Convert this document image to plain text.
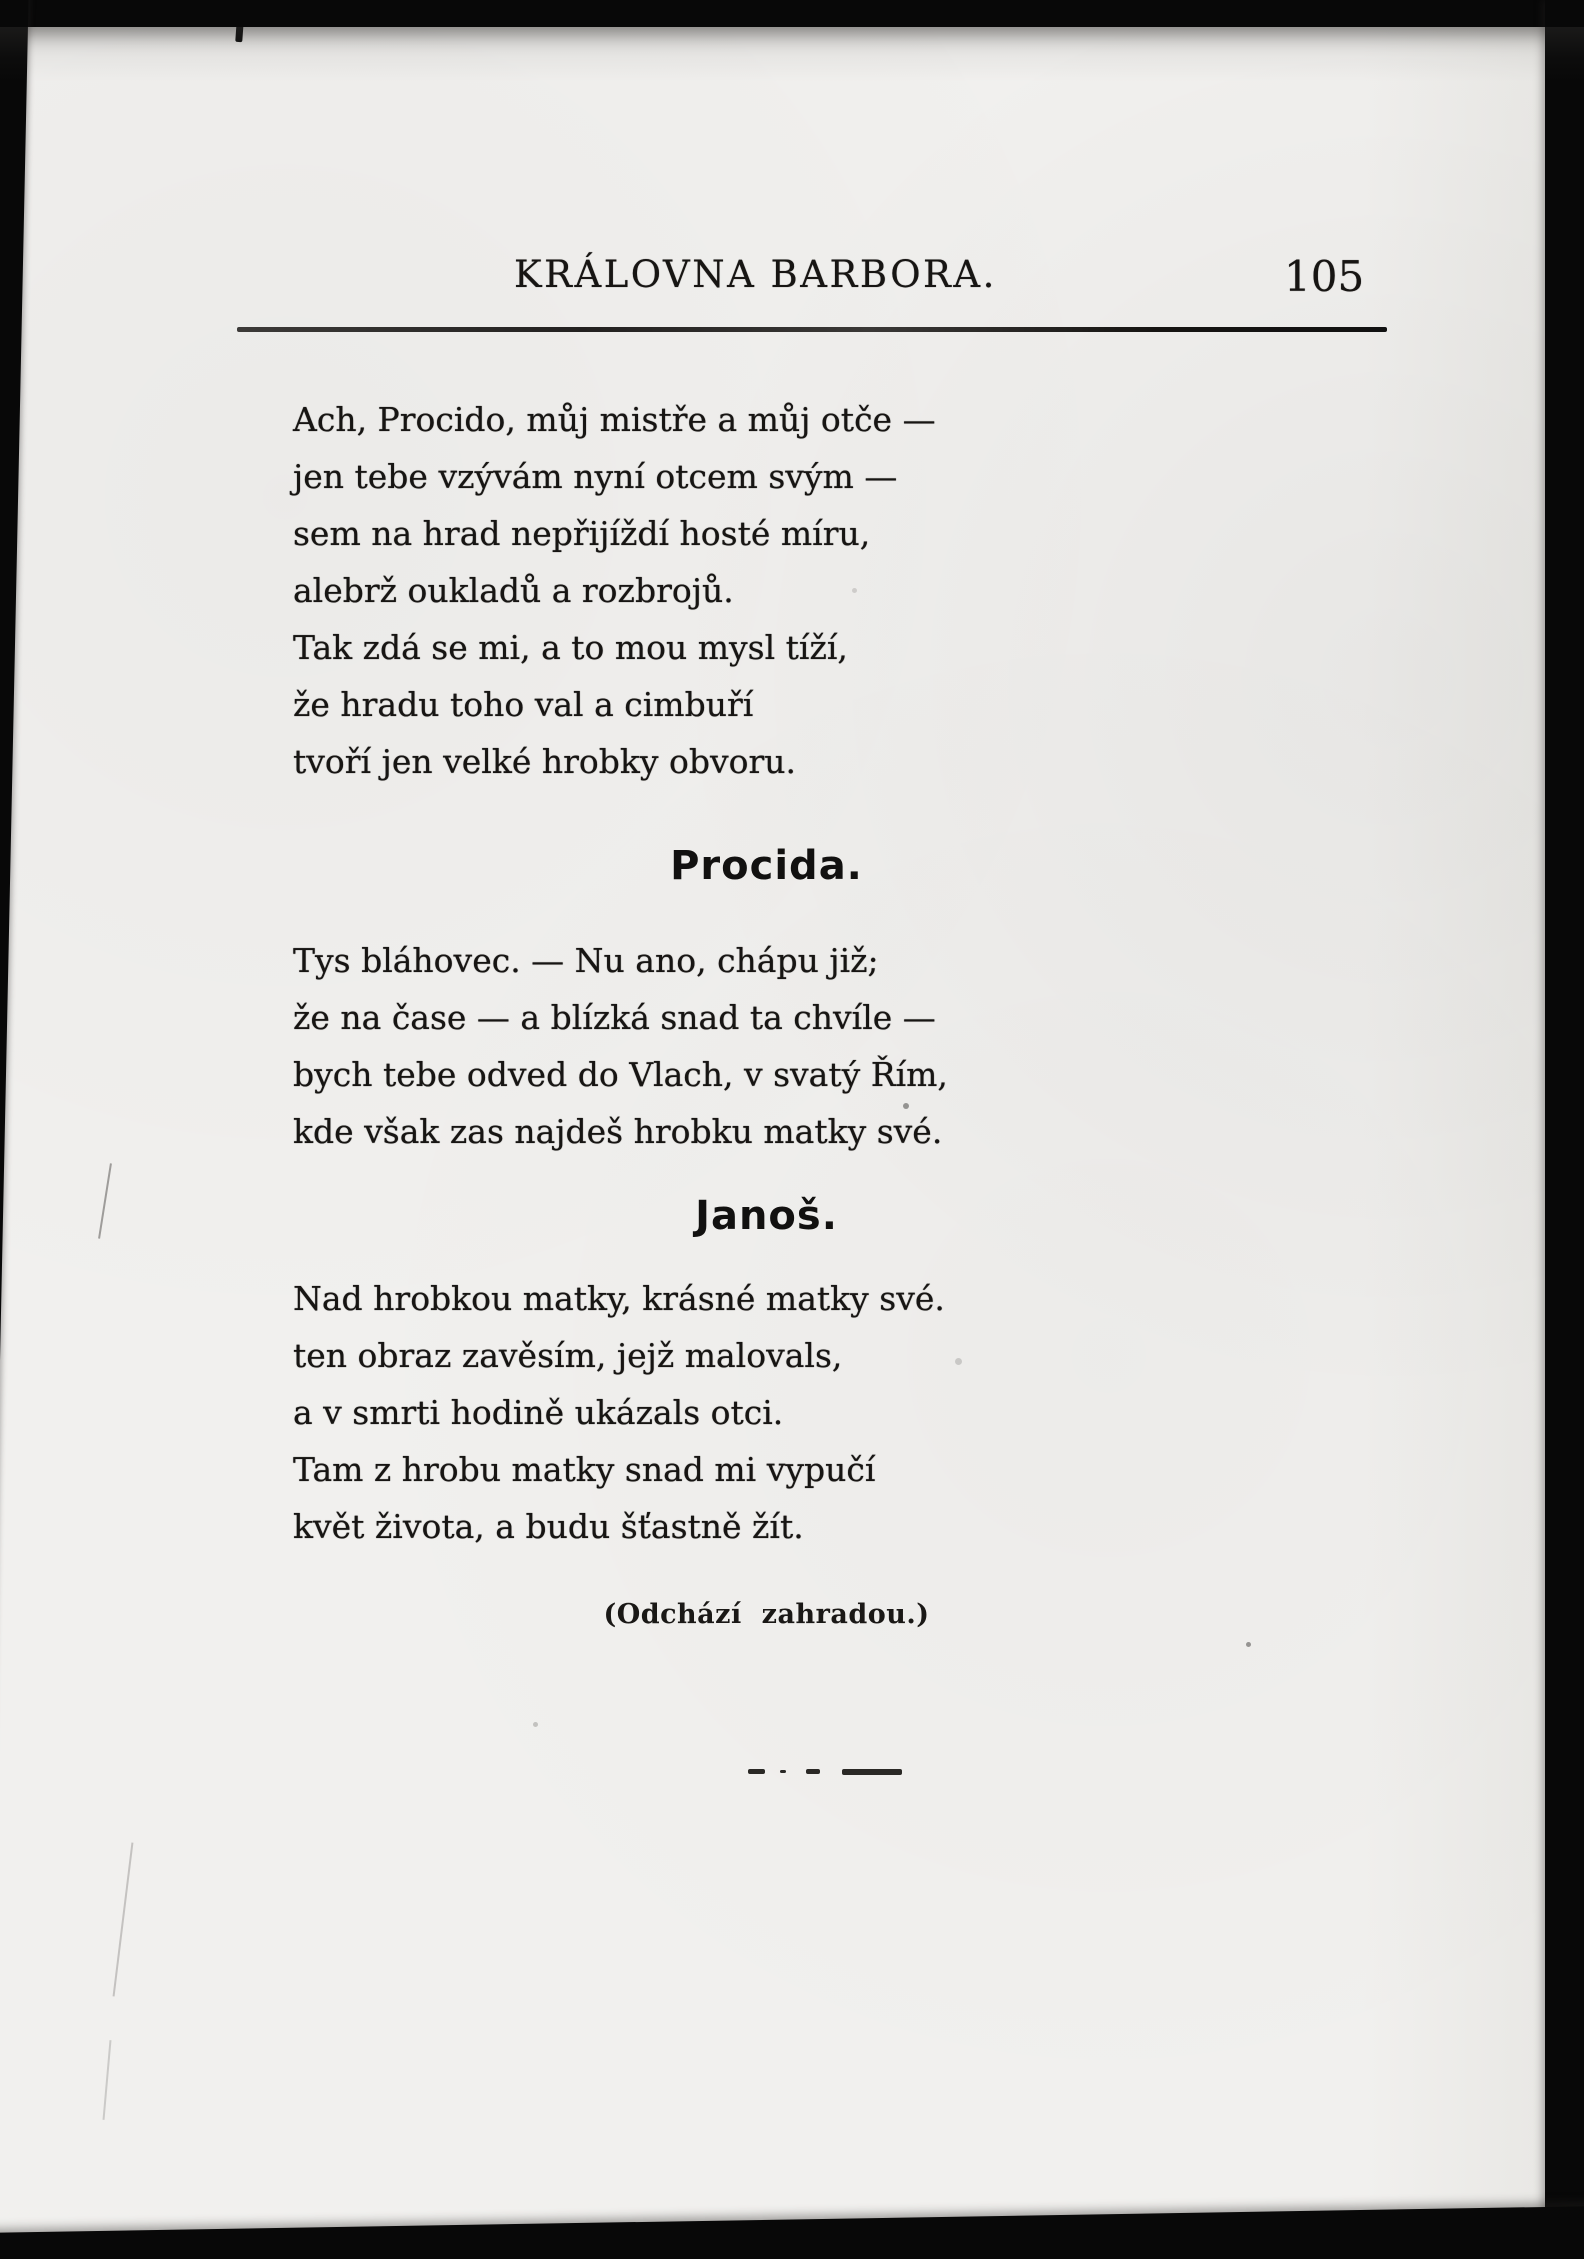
KRÁLOVNA BARBORA.	105
Ach, Procido, můj mistře a můj otče —
jen tebe vzývám nyní otcem svým —
sem na hrad nepřijíždí hosté míru,
alebrž oukladů a rozbrojů.
Tak zdá se mi, a to mou mysl tíží,
že hradu toho val a cimbuří
tvoří jen velké hrobky obvoru.
Procida.
Tys bláhovec. — Nu ano, chápu již;
že na čase — a blízká snad ta chvíle —
bych tebe odved do Vlach, v svatý Řím,
kde však zas najdeš hrobku matky své.
Janoš.
Nad hrobkou matky, krásné matky své.
ten obraz zavěsím, jejž malovals,
a v smrti hodině ukázals otci.
Tam z hrobu matky snad mi vypučí
květ života, a budu šťastně žít.
(Odchází zahradou.)
